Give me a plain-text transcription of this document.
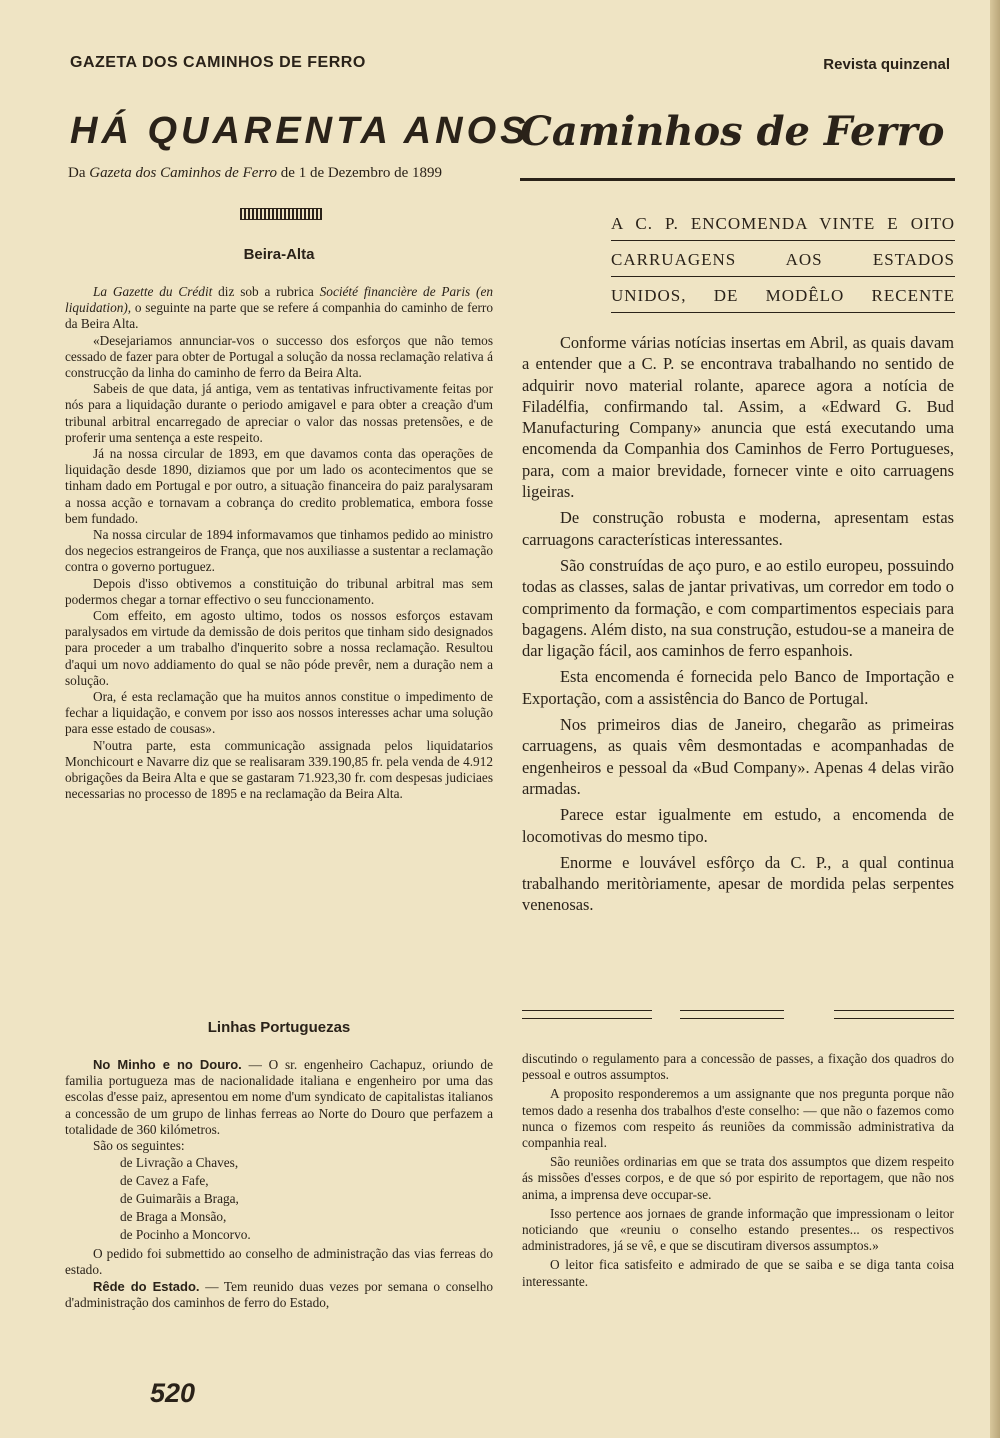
GAZETA DOS CAMINHOS DE FERRO	Revista quinzenal
HÁ QUARENTA ANOS
Caminhos de Ferro
Da Gazeta dos Caminhos de Ferro de 1 de Dezembro de 1899
Beira-Alta

La Gazette du Crédit diz sob a rubrica Société financière de Paris (en liquidation), o seguinte na parte que se refere á companhia do caminho de ferro da Beira Alta.

«Desejariamos annunciar-vos o successo dos esforços que não temos cessado de fazer para obter de Portugal a solução da nossa reclamação relativa á construcção da linha do caminho de ferro da Beira Alta.

Sabeis de que data, já antiga, vem as tentativas infructivamente feitas por nós para a liquidação durante o periodo amigavel e para obter a creação d'um tribunal arbitral encarregado de apreciar o valor das nossas pretensões, e de proferir uma sentença a este respeito.

Já na nossa circular de 1893, em que davamos conta das operações de liquidação desde 1890, diziamos que por um lado os acontecimentos que se tinham dado em Portugal e por outro, a situação financeira do paiz paralysaram a nossa acção e tornavam a cobrança do credito problematica, embora fosse bem fundado.

Na nossa circular de 1894 informavamos que tinhamos pedido ao ministro dos negecios estrangeiros de França, que nos auxiliasse a sustentar a reclamação contra o governo portuguez.

Depois d'isso obtivemos a constituição do tribunal arbitral mas sem podermos chegar a tornar effectivo o seu funccionamento.

Com effeito, em agosto ultimo, todos os nossos esforços estavam paralysados em virtude da demissão de dois peritos que tinham sido designados para proceder a um trabalho d'inquerito sobre a nossa reclamação. Resultou d'aqui um novo addiamento do qual se não póde prevêr, nem a duração nem a solução.

Ora, é esta reclamação que ha muitos annos constitue o impedimento de fechar a liquidação, e convem por isso aos nossos interesses achar uma solução para esse estado de cousas».

N'outra parte, esta communicação assignada pelos liquidatarios Monchicourt e Navarre diz que se realisaram 339.190,85 fr. pela venda de 4.912 obrigações da Beira Alta e que se gastaram 71.923,30 fr. com despesas judiciaes necessarias no processo de 1895 e na reclamação da Beira Alta.

Linhas Portuguezas

No Minho e no Douro. — O sr. engenheiro Cachapuz, oriundo de familia portugueza mas de nacionalidade italiana e engenheiro por uma das escolas d'esse paiz, apresentou em nome d'um syndicato de capitalistas italianos a concessão de um grupo de linhas ferreas ao Norte do Douro que perfazem a totalidade de 360 kilómetros.

São os seguintes:

de Livração a Chaves,
de Cavez a Fafe,
de Guimarãis a Braga,
de Braga a Monsão,
de Pocinho a Moncorvo.

O pedido foi submettido ao conselho de administração das vias ferreas do estado.

Rêde do Estado. — Tem reunido duas vezes por semana o conselho d'administração dos caminhos de ferro do Estado,

A C. P. ENCOMENDA VINTE E OITO
CARRUAGENS AOS ESTADOS
UNIDOS, DE MODÊLO RECENTE

Conforme várias notícias insertas em Abril, as quais davam a entender que a C. P. se encontrava trabalhando no sentido de adquirir novo material rolante, aparece agora a notícia de Filadélfia, confirmando tal. Assim, a «Edward G. Bud Manufacturing Company» anuncia que está executando uma encomenda da Companhia dos Caminhos de Ferro Portugueses, para, com a maior brevidade, fornecer vinte e oito carruagens ligeiras.

De construção robusta e moderna, apresentam estas carruagons características interessantes.

São construídas de aço puro, e ao estilo europeu, possuindo todas as classes, salas de jantar privativas, um corredor em todo o comprimento da formação, e com compartimentos especiais para bagagens. Além disto, na sua construção, estudou-se a maneira de dar ligação fácil, aos caminhos de ferro espanhois.

Esta encomenda é fornecida pelo Banco de Importação e Exportação, com a assistência do Banco de Portugal.

Nos primeiros dias de Janeiro, chegarão as primeiras carruagens, as quais vêm desmontadas e acompanhadas de engenheiros e pessoal da «Bud Company». Apenas 4 delas virão armadas.

Parece estar igualmente em estudo, a encomenda de locomotivas do mesmo tipo.

Enorme e louvável esfôrço da C. P., a qual continua trabalhando meritòriamente, apesar de mordida pelas serpentes venenosas.

discutindo o regulamento para a concessão de passes, a fixação dos quadros do pessoal e outros assumptos.

A proposito responderemos a um assignante que nos pregunta porque não temos dado a resenha dos trabalhos d'este conselho: — que não o fazemos como nunca o fizemos com respeito ás reuniões da commissão administrativa da companhia real.

São reuniões ordinarias em que se trata dos assumptos que dizem respeito ás missões d'esses corpos, e de que só por espirito de reportagem, que não nos anima, a imprensa deve occupar-se.

Isso pertence aos jornaes de grande informação que impressionam o leitor noticiando que «reuniu o conselho estando presentes... os respectivos administradores, já se vê, e que se discutiram diversos assumptos.»

O leitor fica satisfeito e admirado de que se saiba e se diga tanta coisa interessante.

520
